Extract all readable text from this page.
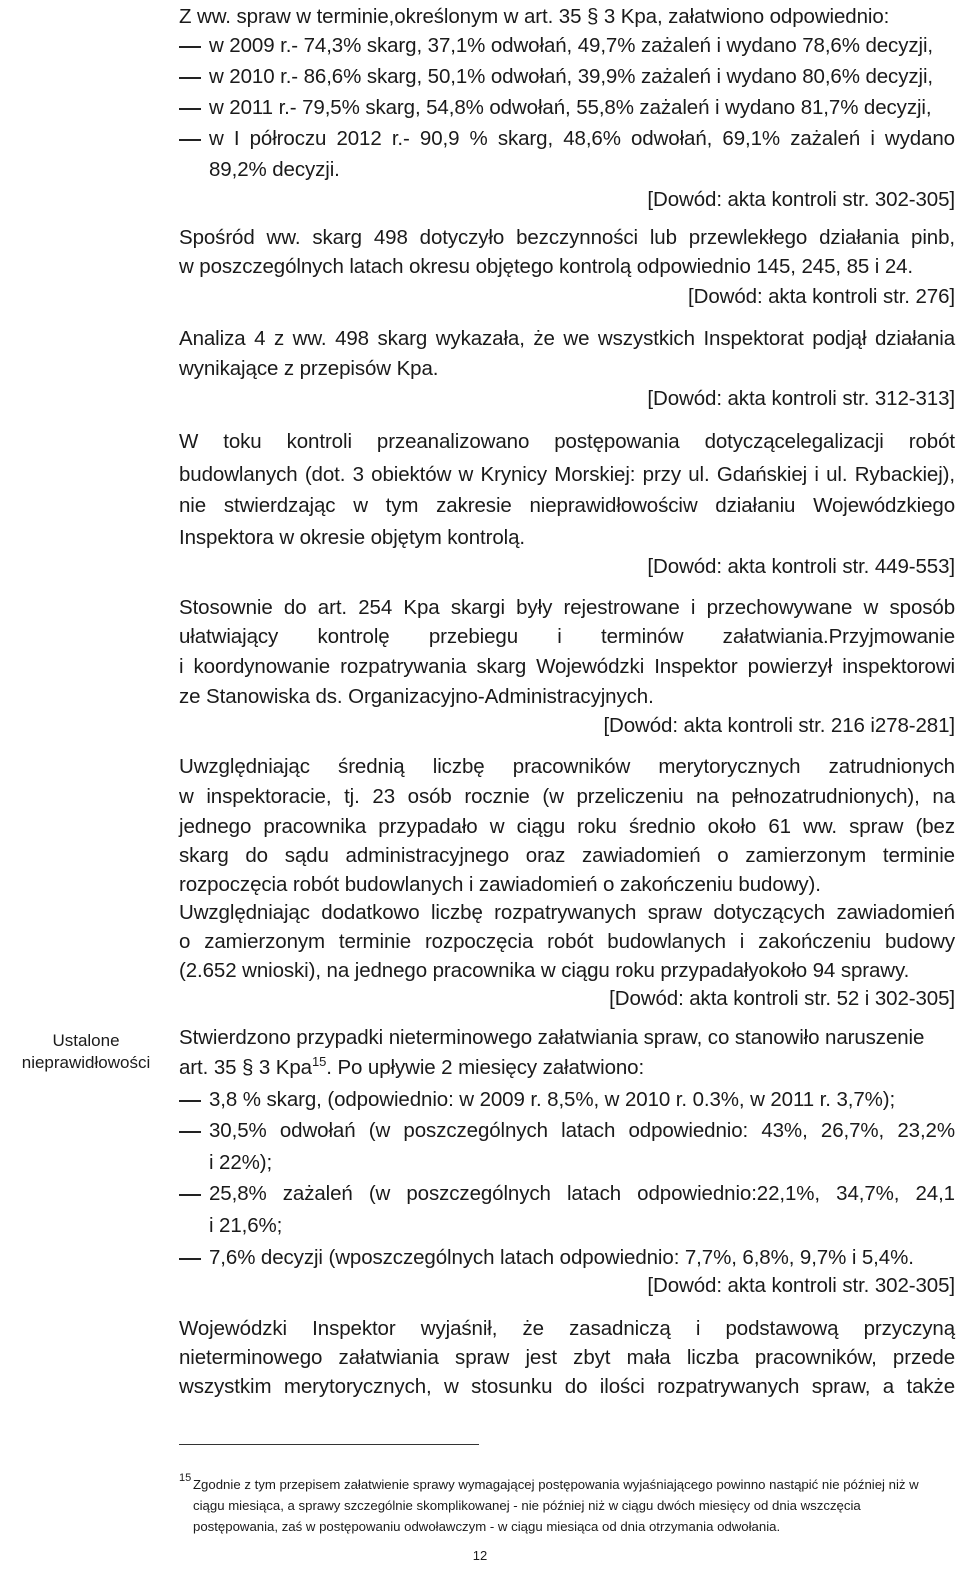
Ustalone
nieprawidłowości
Z ww. spraw w terminie,określonym w art. 35 § 3 Kpa, załatwiono odpowiednio:
w 2009 r.- 74,3% skarg, 37,1% odwołań, 49,7% zażaleń i wydano 78,6% decyzji,
w 2010 r.- 86,6% skarg, 50,1% odwołań, 39,9% zażaleń i wydano 80,6% decyzji,
w 2011 r.- 79,5% skarg, 54,8% odwołań, 55,8% zażaleń i wydano 81,7% decyzji,
w I półroczu 2012 r.- 90,9 % skarg, 48,6% odwołań, 69,1% zażaleń i wydano
89,2% decyzji.
[Dowód: akta kontroli str. 302-305]
Spośród ww. skarg 498 dotyczyło bezczynności lub przewlekłego działania pinb,
w poszczególnych latach okresu objętego kontrolą odpowiednio 145, 245, 85 i 24.
[Dowód: akta kontroli str. 276]
Analiza 4 z ww. 498 skarg wykazała, że we wszystkich Inspektorat podjął działania
wynikające z przepisów Kpa.
[Dowód: akta kontroli str. 312-313]
W toku kontroli przeanalizowano postępowania dotyczącelegalizacji robót
budowlanych (dot. 3 obiektów w Krynicy Morskiej: przy ul. Gdańskiej i ul. Rybackiej),
nie stwierdzając w tym zakresie nieprawidłowościw działaniu Wojewódzkiego
Inspektora w okresie objętym kontrolą.
[Dowód: akta kontroli str. 449-553]
Stosownie do art. 254 Kpa skargi były rejestrowane i przechowywane w sposób
ułatwiający kontrolę przebiegu i terminów załatwiania.Przyjmowanie
i koordynowanie rozpatrywania skarg Wojewódzki Inspektor powierzył inspektorowi
ze Stanowiska ds. Organizacyjno-Administracyjnych.
[Dowód: akta kontroli str. 216 i278-281]
Uwzględniając średnią liczbę pracowników merytorycznych zatrudnionych
w inspektoracie, tj. 23 osób rocznie (w przeliczeniu na pełnozatrudnionych), na
jednego pracownika przypadało w ciągu roku średnio około 61 ww. spraw (bez
skarg do sądu administracyjnego oraz zawiadomień o zamierzonym terminie
rozpoczęcia robót budowlanych i zawiadomień o zakończeniu budowy).
Uwzględniając dodatkowo liczbę rozpatrywanych spraw dotyczących zawiadomień
o zamierzonym terminie rozpoczęcia robót budowlanych i zakończeniu budowy
(2.652 wnioski), na jednego pracownika w ciągu roku przypadałyokoło 94 sprawy.
[Dowód: akta kontroli str. 52 i 302-305]
Stwierdzono przypadki nieterminowego załatwiania spraw, co stanowiło naruszenie
art. 35 § 3 Kpa$^{15}$. Po upływie 2 miesięcy załatwiono:
3,8 % skarg, (odpowiednio: w 2009 r. 8,5%, w 2010 r. 0.3%, w 2011 r. 3,7%);
30,5% odwołań (w poszczególnych latach odpowiednio: 43%, 26,7%, 23,2%
i 22%);
25,8% zażaleń (w poszczególnych latach odpowiednio:22,1%, 34,7%, 24,1
i 21,6%;
7,6% decyzji (wposzczególnych latach odpowiednio: 7,7%, 6,8%, 9,7% i 5,4%.
[Dowód: akta kontroli str. 302-305]
Wojewódzki Inspektor wyjaśnił, że zasadniczą i podstawową przyczyną
nieterminowego załatwiania spraw jest zbyt mała liczba pracowników, przede
wszystkim merytorycznych, w stosunku do ilości rozpatrywanych spraw, a także
15 Zgodnie z tym przepisem załatwienie sprawy wymagającej postępowania wyjaśniającego powinno nastąpić nie później niż w
ciągu miesiąca, a sprawy szczególnie skomplikowanej - nie później niż w ciągu dwóch miesięcy od dnia wszczęcia
postępowania, zaś w postępowaniu odwoławczym - w ciągu miesiąca od dnia otrzymania odwołania.
12
